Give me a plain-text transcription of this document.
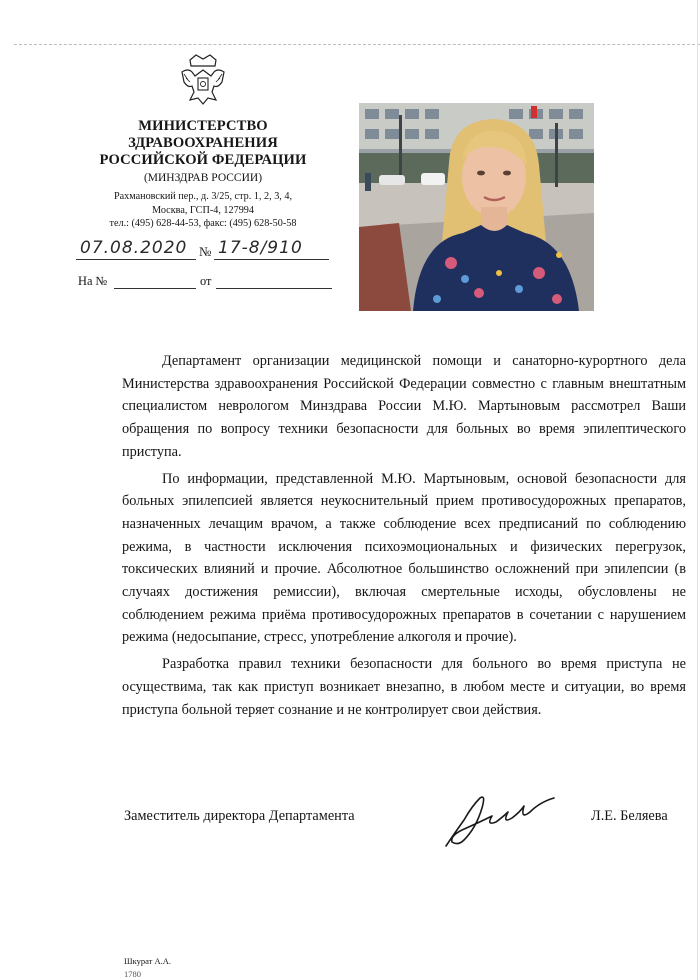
МИНИСТЕРСТВО
ЗДРАВООХРАНЕНИЯ
РОССИЙСКОЙ ФЕДЕРАЦИИ
(МИНЗДРАВ РОССИИ)
Рахмановский пер., д. 3/25, стр. 1, 2, 3, 4,
Москва, ГСП-4, 127994
тел.: (495) 628-44-53, факс: (495) 628-50-58
07.08.2020 № 17-8/910
На №	от

Департамент организации медицинской помощи и санаторно-курортного дела Министерства здравоохранения Российской Федерации совместно с главным внештатным специалистом неврологом Минздрава России М.Ю. Мартыновым рассмотрел Ваши обращения по вопросу техники безопасности для больных во время эпилептического приступа.

По информации, представленной М.Ю. Мартыновым, основой безопасности для больных эпилепсией является неукоснительный прием противосудорожных препаратов, назначенных лечащим врачом, а также соблюдение всех предписаний по соблюдению режима, в частности исключения психоэмоциональных и физических перегрузок, токсических влияний и прочие. Абсолютное большинство осложнений при эпилепсии (в случаях достижения ремиссии), включая смертельные исходы, обусловлены не соблюдением режима приёма противосудорожных препаратов в сочетании с нарушением режима (недосыпание, стресс, употребление алкоголя и прочие).

Разработка правил техники безопасности для больного во время приступа не осуществима, так как приступ возникает внезапно, в любом месте и ситуации, во время приступа больной теряет сознание и не контролирует свои действия.

Заместитель директора Департамента	Л.Е. Беляева
Шкурат А.А.
1780
